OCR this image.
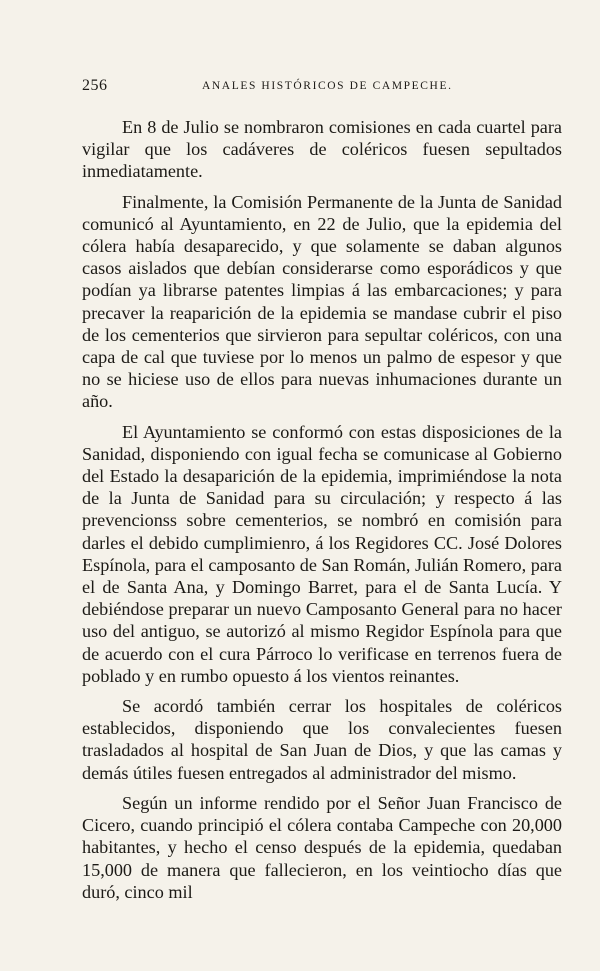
256	ANALES HISTÓRICOS DE CAMPECHE.

En 8 de Julio se nombraron comisiones en cada cuartel para vigilar que los cadáveres de coléricos fuesen sepultados inmediatamente.

Finalmente, la Comisión Permanente de la Junta de Sanidad comunicó al Ayuntamiento, en 22 de Julio, que la epidemia del cólera había desaparecido, y que solamente se daban algunos casos aislados que debían considerarse como esporádicos y que podían ya librarse patentes limpias á las embarcaciones; y para precaver la reaparición de la epidemia se mandase cubrir el piso de los cementerios que sirvieron para sepultar coléricos, con una capa de cal que tuviese por lo menos un palmo de espesor y que no se hiciese uso de ellos para nuevas inhumaciones durante un año.

El Ayuntamiento se conformó con estas disposiciones de la Sanidad, disponiendo con igual fecha se comunicase al Gobierno del Estado la desaparición de la epidemia, imprimiéndose la nota de la Junta de Sanidad para su circulación; y respecto á las prevencionss sobre cementerios, se nombró en comisión para darles el debido cumplimienro, á los Regidores CC. José Dolores Espínola, para el camposanto de San Román, Julián Romero, para el de Santa Ana, y Domingo Barret, para el de Santa Lucía. Y debiéndose preparar un nuevo Camposanto General para no hacer uso del antiguo, se autorizó al mismo Regidor Espínola para que de acuerdo con el cura Párroco lo verificase en terrenos fuera de poblado y en rumbo opuesto á los vientos reinantes.

Se acordó también cerrar los hospitales de coléricos establecidos, disponiendo que los convalecientes fuesen trasladados al hospital de San Juan de Dios, y que las camas y demás útiles fuesen entregados al administrador del mismo.

Según un informe rendido por el Señor Juan Francisco de Cicero, cuando principió el cólera contaba Campeche con 20,000 habitantes, y hecho el censo después de la epidemia, quedaban 15,000 de manera que fallecieron, en los veintiocho días que duró, cinco mil
